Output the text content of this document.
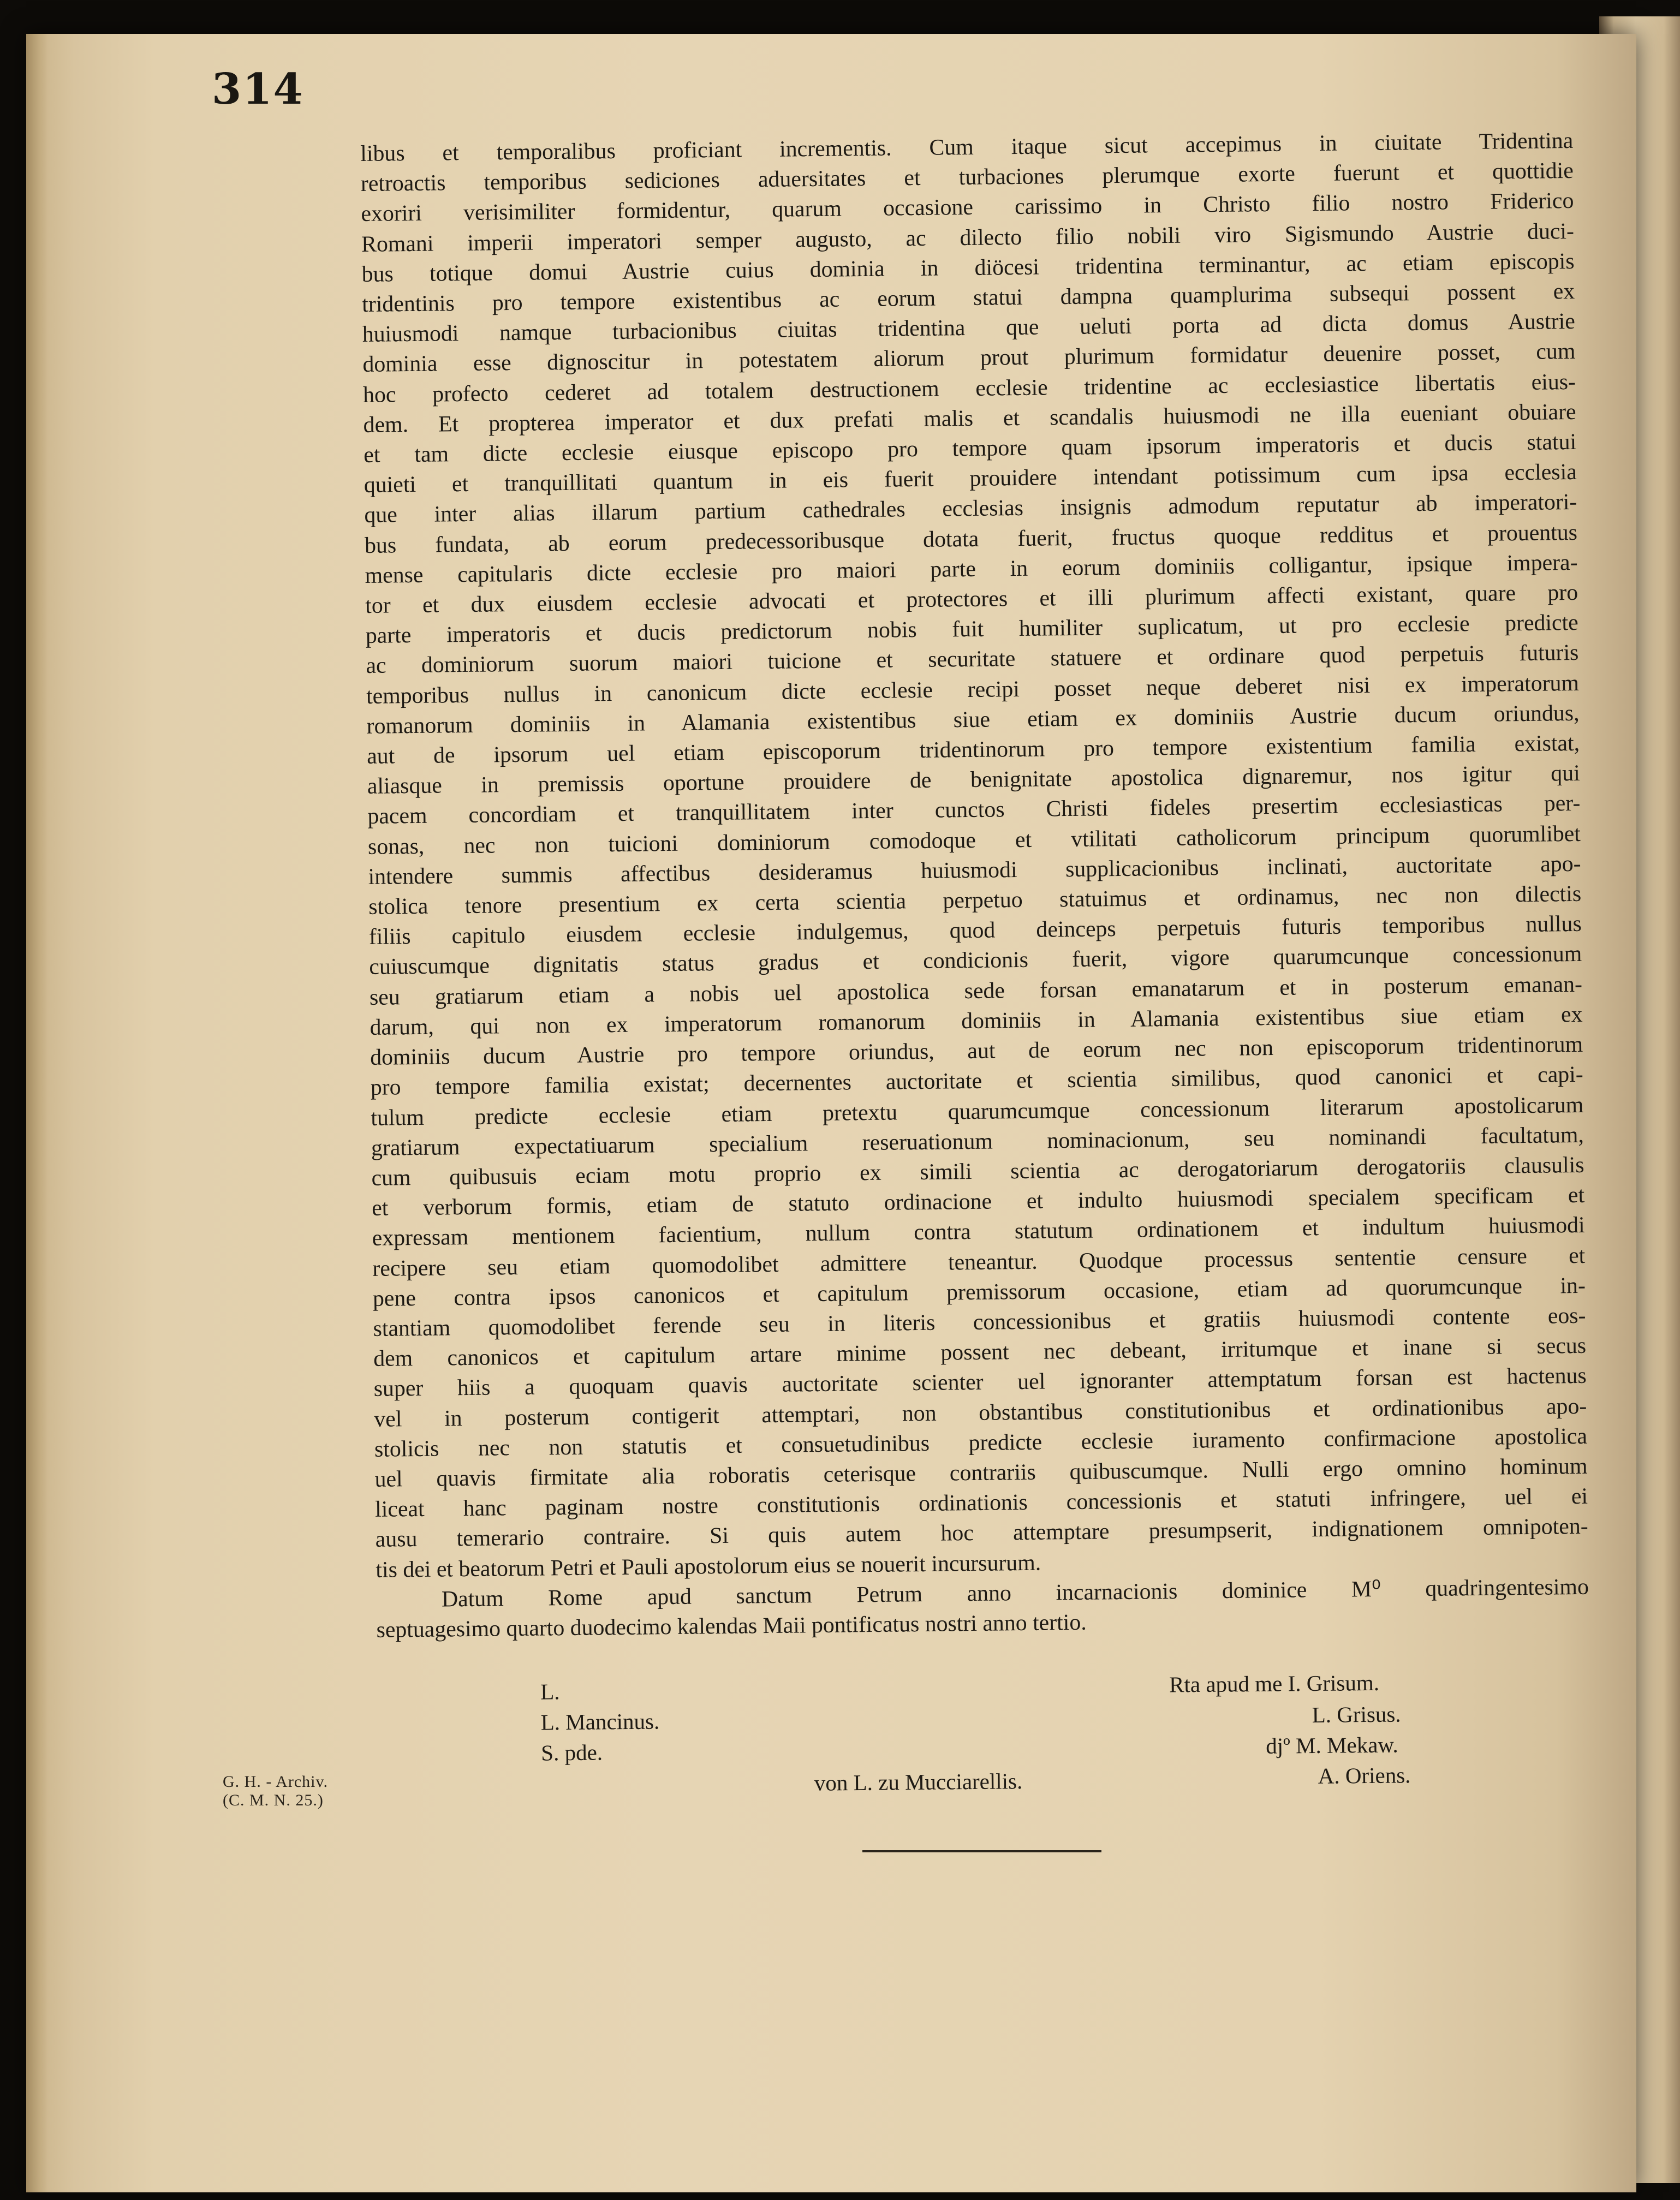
314
libus et temporalibus proficiant incrementis. Cum itaque sicut accepimus in ciuitate Tridentina
retroactis temporibus sediciones aduersitates et turbaciones plerumque exorte fuerunt et quottidie
exoriri verisimiliter formidentur, quarum occasione carissimo in Christo filio nostro Friderico
Romani imperii imperatori semper augusto, ac dilecto filio nobili viro Sigismundo Austrie duci-
bus totique domui Austrie cuius dominia in diöcesi tridentina terminantur, ac etiam episcopis
tridentinis pro tempore existentibus ac eorum statui dampna quamplurima subsequi possent ex
huiusmodi namque turbacionibus ciuitas tridentina que ueluti porta ad dicta domus Austrie
dominia esse dignoscitur in potestatem aliorum prout plurimum formidatur deuenire posset, cum
hoc profecto cederet ad totalem destructionem ecclesie tridentine ac ecclesiastice libertatis eius-
dem. Et propterea imperator et dux prefati malis et scandalis huiusmodi ne illa eueniant obuiare
et tam dicte ecclesie eiusque episcopo pro tempore quam ipsorum imperatoris et ducis statui
quieti et tranquillitati quantum in eis fuerit prouidere intendant potissimum cum ipsa ecclesia
que inter alias illarum partium cathedrales ecclesias insignis admodum reputatur ab imperatori-
bus fundata, ab eorum predecessoribusque dotata fuerit, fructus quoque redditus et prouentus
mense capitularis dicte ecclesie pro maiori parte in eorum dominiis colligantur, ipsique impera-
tor et dux eiusdem ecclesie advocati et protectores et illi plurimum affecti existant, quare pro
parte imperatoris et ducis predictorum nobis fuit humiliter suplicatum, ut pro ecclesie predicte
ac dominiorum suorum maiori tuicione et securitate statuere et ordinare quod perpetuis futuris
temporibus nullus in canonicum dicte ecclesie recipi posset neque deberet nisi ex imperatorum
romanorum dominiis in Alamania existentibus siue etiam ex dominiis Austrie ducum oriundus,
aut de ipsorum uel etiam episcoporum tridentinorum pro tempore existentium familia existat,
aliasque in premissis oportune prouidere de benignitate apostolica dignaremur, nos igitur qui
pacem concordiam et tranquillitatem inter cunctos Christi fideles presertim ecclesiasticas per-
sonas, nec non tuicioni dominiorum comodoque et vtilitati catholicorum principum quorumlibet
intendere summis affectibus desideramus huiusmodi supplicacionibus inclinati, auctoritate apo-
stolica tenore presentium ex certa scientia perpetuo statuimus et ordinamus, nec non dilectis
filiis capitulo eiusdem ecclesie indulgemus, quod deinceps perpetuis futuris temporibus nullus
cuiuscumque dignitatis status gradus et condicionis fuerit, vigore quarumcunque concessionum
seu gratiarum etiam a nobis uel apostolica sede forsan emanatarum et in posterum emanan-
darum, qui non ex imperatorum romanorum dominiis in Alamania existentibus siue etiam ex
dominiis ducum Austrie pro tempore oriundus, aut de eorum nec non episcoporum tridentinorum
pro tempore familia existat; decernentes auctoritate et scientia similibus, quod canonici et capi-
tulum predicte ecclesie etiam pretextu quarumcumque concessionum literarum apostolicarum
gratiarum expectatiuarum specialium reseruationum nominacionum, seu nominandi facultatum,
cum quibusuis eciam motu proprio ex simili scientia ac derogatoriarum derogatoriis clausulis
et verborum formis, etiam de statuto ordinacione et indulto huiusmodi specialem specificam et
expressam mentionem facientium, nullum contra statutum ordinationem et indultum huiusmodi
recipere seu etiam quomodolibet admittere teneantur. Quodque processus sententie censure et
pene contra ipsos canonicos et capitulum premissorum occasione, etiam ad quorumcunque in-
stantiam quomodolibet ferende seu in literis concessionibus et gratiis huiusmodi contente eos-
dem canonicos et capitulum artare minime possent nec debeant, irritumque et inane si secus
super hiis a quoquam quavis auctoritate scienter uel ignoranter attemptatum forsan est hactenus
vel in posterum contigerit attemptari, non obstantibus constitutionibus et ordinationibus apo-
stolicis nec non statutis et consuetudinibus predicte ecclesie iuramento confirmacione apostolica
uel quavis firmitate alia roboratis ceterisque contrariis quibuscumque. Nulli ergo omnino hominum
liceat hanc paginam nostre constitutionis ordinationis concessionis et statuti infringere, uel ei
ausu temerario contraire. Si quis autem hoc attemptare presumpserit, indignationem omnipoten-
tis dei et beatorum Petri et Pauli apostolorum eius se nouerit incursurum.
Datum Rome apud sanctum Petrum anno incarnacionis dominice M⁰ quadringentesimo
septuagesimo quarto duodecimo kalendas Maii pontificatus nostri anno tertio.
L.
L. Mancinus.
S. pde.
Rta apud me I. Grisum.
L. Grisus.
djº M. Mekaw.
A. Oriens.
von L. zu Mucciarellis.
G. H. - Archiv.
(C. M. N. 25.)
